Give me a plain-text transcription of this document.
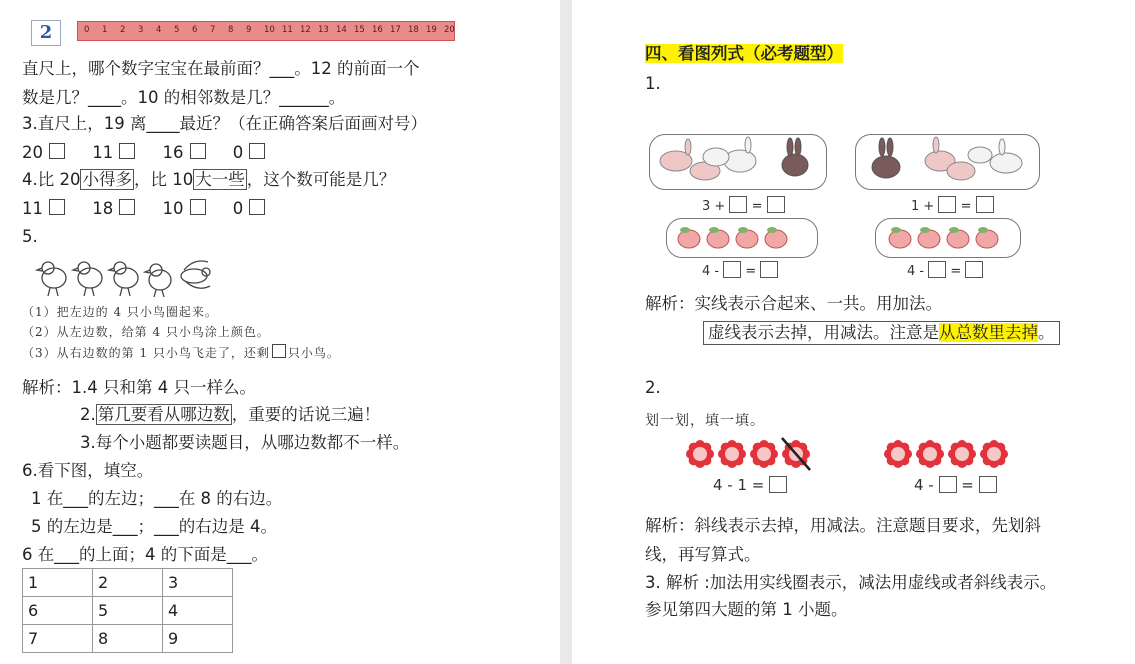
2	0 1 2 3 4 5 6 7 8 9 10 11 12 13 14 15 16 17 18 19 20
直尺上，哪个数字宝宝在最前面？___。12 的前面一个
数是几？____。10 的相邻数是几？______。
3.直尺上，19 离____最近？（在正确答案后面画对号）
20	11	16	0
4.比 20 小得多 ，比 10 大一些 ，这个数可能是几？
11	18	10	0
5.
（1）把左边的 4 只小鸟圈起来。
（2）从左边数，给第 4 只小鸟涂上颜色。
（3）从右边数的第 1 只小鸟飞走了，还剩 只小鸟。
解析：1.4 只和第 4 只一样么。
2. 第几要看从哪边数 ，重要的话说三遍！
3.每个小题都要读题目，从哪边数都不一样。
6.看下图，填空。
1 在___的左边；___在 8 的右边。
5 的左边是___；___的右边是 4。
6 在___的上面；4 的下面是___。
1	2	3
6	5	4
7	8	9
四、看图列式（必考题型）
1.
3 + =	1 + =
4 - =	4 - =
解析：实线表示合起来、一共。用加法。
虚线表示去掉，用减法。注意是从总数里去掉。
2.
划一划，填一填。
4 - 1 =	4 - =
解析：斜线表示去掉，用减法。注意题目要求，先划斜
线，再写算式。
3. 解析 :加法用实线圈表示，减法用虚线或者斜线表示。
参见第四大题的第 1 小题。
